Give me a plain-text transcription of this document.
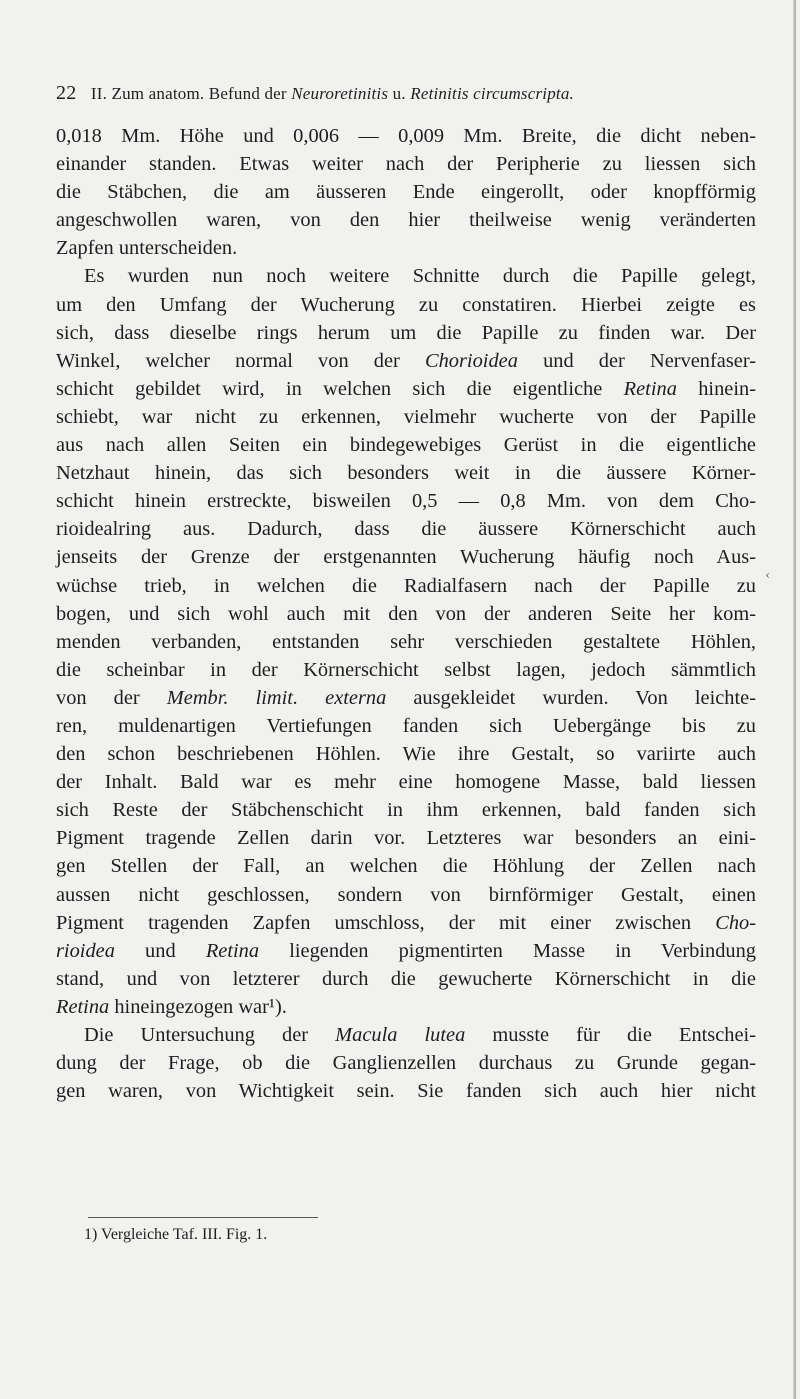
22 II. Zum anatom. Befund der Neuroretinitis u. Retinitis circumscripta.
0,018 Mm. Höhe und 0,006 — 0,009 Mm. Breite, die dicht neben-
einander standen. Etwas weiter nach der Peripherie zu liessen sich
die Stäbchen, die am äusseren Ende eingerollt, oder knopfförmig
angeschwollen waren, von den hier theilweise wenig veränderten
Zapfen unterscheiden.
Es wurden nun noch weitere Schnitte durch die Papille gelegt,
um den Umfang der Wucherung zu constatiren. Hierbei zeigte es
sich, dass dieselbe rings herum um die Papille zu finden war. Der
Winkel, welcher normal von der Chorioidea und der Nervenfaser-
schicht gebildet wird, in welchen sich die eigentliche Retina hinein-
schiebt, war nicht zu erkennen, vielmehr wucherte von der Papille
aus nach allen Seiten ein bindegewebiges Gerüst in die eigentliche
Netzhaut hinein, das sich besonders weit in die äussere Körner-
schicht hinein erstreckte, bisweilen 0,5 — 0,8 Mm. von dem Cho-
rioidealring aus. Dadurch, dass die äussere Körnerschicht auch
jenseits der Grenze der erstgenannten Wucherung häufig noch Aus-
wüchse trieb, in welchen die Radialfasern nach der Papille zu
bogen, und sich wohl auch mit den von der anderen Seite her kom-
menden verbanden, entstanden sehr verschieden gestaltete Höhlen,
die scheinbar in der Körnerschicht selbst lagen, jedoch sämmtlich
von der Membr. limit. externa ausgekleidet wurden. Von leichte-
ren, muldenartigen Vertiefungen fanden sich Uebergänge bis zu
den schon beschriebenen Höhlen. Wie ihre Gestalt, so variirte auch
der Inhalt. Bald war es mehr eine homogene Masse, bald liessen
sich Reste der Stäbchenschicht in ihm erkennen, bald fanden sich
Pigment tragende Zellen darin vor. Letzteres war besonders an eini-
gen Stellen der Fall, an welchen die Höhlung der Zellen nach
aussen nicht geschlossen, sondern von birnförmiger Gestalt, einen
Pigment tragenden Zapfen umschloss, der mit einer zwischen Cho-
rioidea und Retina liegenden pigmentirten Masse in Verbindung
stand, und von letzterer durch die gewucherte Körnerschicht in die
Retina hineingezogen war¹).
Die Untersuchung der Macula lutea musste für die Entschei-
dung der Frage, ob die Ganglienzellen durchaus zu Grunde gegan-
gen waren, von Wichtigkeit sein. Sie fanden sich auch hier nicht
‹
1) Vergleiche Taf. III. Fig. 1.
